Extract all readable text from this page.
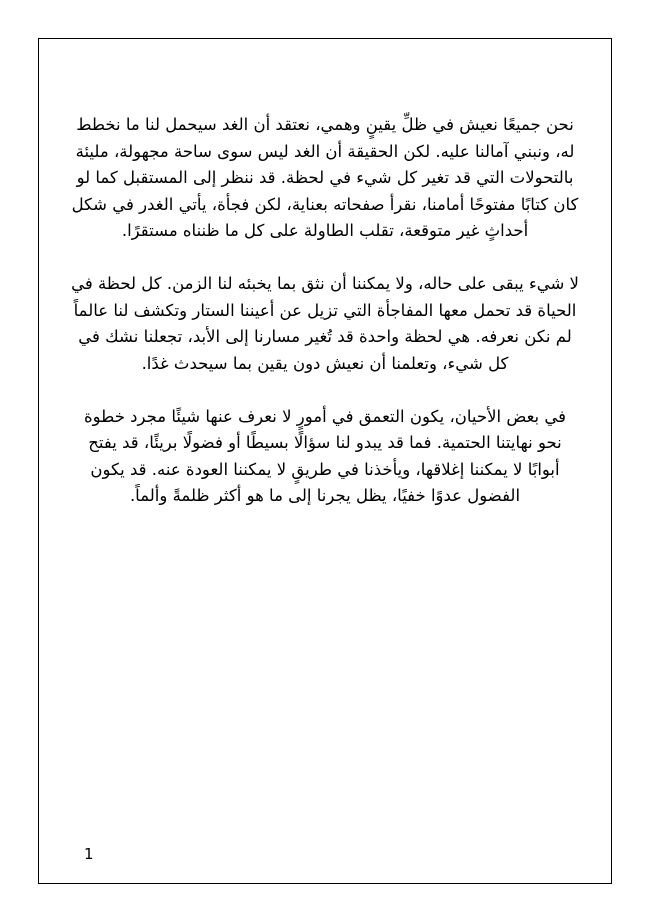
نحن جميعًا نعيش في ظلِّ يقينٍ وهمي، نعتقد أن الغد سيحمل لنا ما نخطط له، ونبني آمالنا عليه. لكن الحقيقة أن الغد ليس سوى ساحة مجهولة، مليئة بالتحولات التي قد تغير كل شيء في لحظة. قد ننظر إلى المستقبل كما لو كان كتابًا مفتوحًا أمامنا، نقرأ صفحاته بعناية، لكن فجأة، يأتي الغدر في شكل أحداثٍ غير متوقعة، تقلب الطاولة على كل ما ظنناه مستقرًا.

لا شيء يبقى على حاله، ولا يمكننا أن نثق بما يخبئه لنا الزمن. كل لحظة في الحياة قد تحمل معها المفاجأة التي تزيل عن أعيننا الستار وتكشف لنا عالماً لم نكن نعرفه. هي لحظة واحدة قد تُغير مسارنا إلى الأبد، تجعلنا نشك في كل شيء، وتعلمنا أن نعيش دون يقين بما سيحدث غدًا.

في بعض الأحيان، يكون التعمق في أمورٍ لا نعرف عنها شيئًا مجرد خطوة نحو نهايتنا الحتمية. فما قد يبدو لنا سؤالًا بسيطًا أو فضولًا بريئًا، قد يفتح أبوابًا لا يمكننا إغلاقها، ويأخذنا في طريقٍ لا يمكننا العودة عنه. قد يكون الفضول عدوًا خفيًا، يظل يجرنا إلى ما هو أكثر ظلمةً وألماً.

1
